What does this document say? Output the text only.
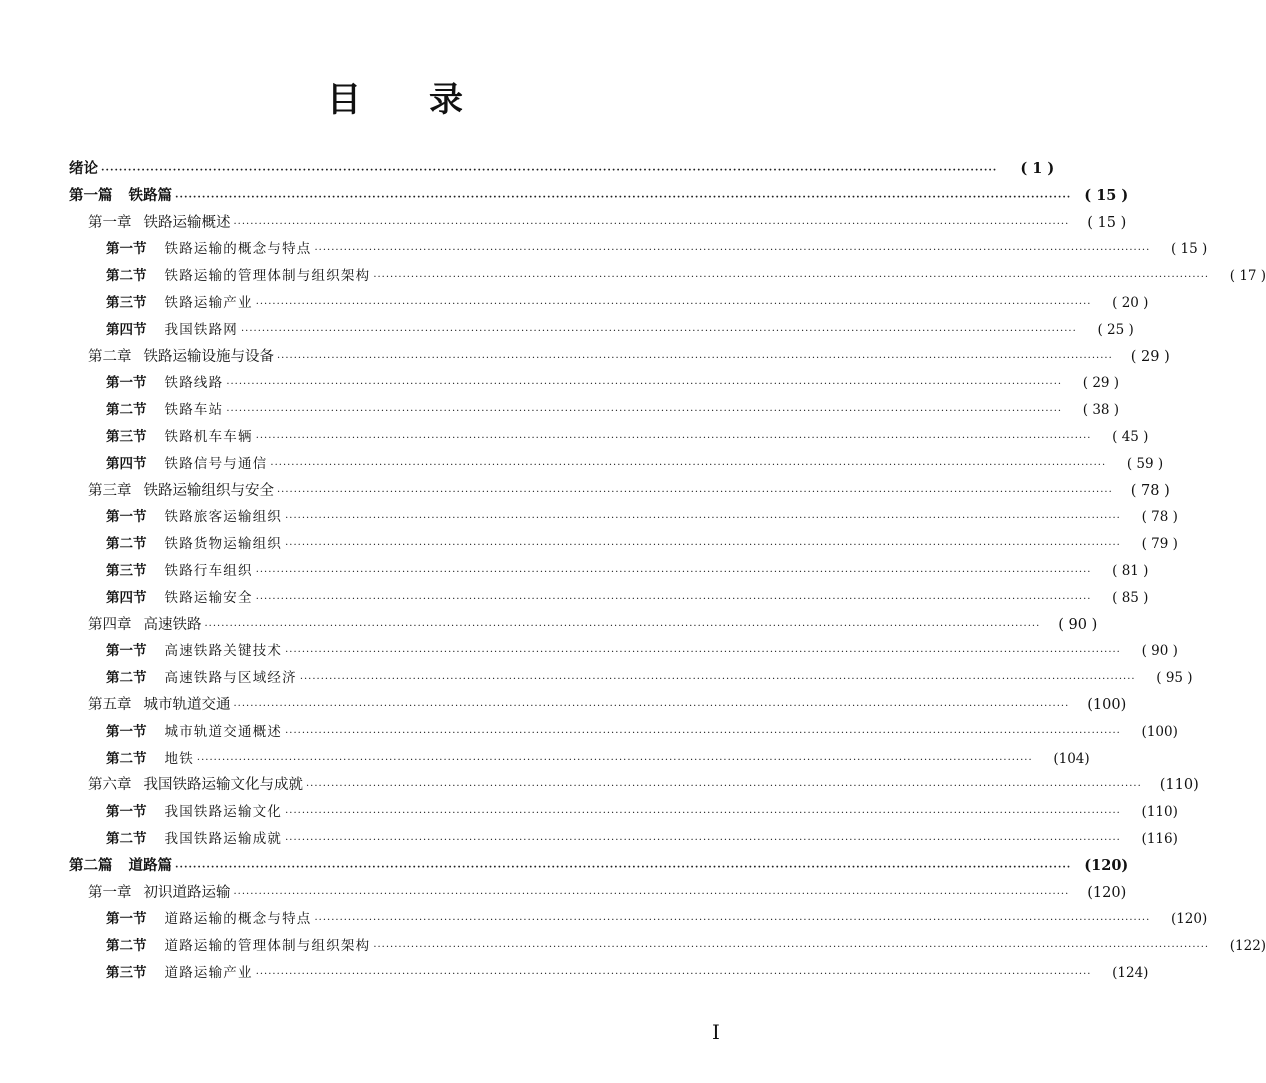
目 录
绪论 ········································································································································································································	( 1 )
第一篇 铁路篇 ········································································································································································································ ( 15 )
第一章 铁路运输概述 ········································································································································································································	( 15 )
第一节 铁路运输的概念与特点 ········································································································································································································	( 15 )
第二节 铁路运输的管理体制与组织架构 ········································································································································································································	( 17 )
第三节 铁路运输产业 ········································································································································································································	( 20 )
第四节 我国铁路网 ········································································································································································································	( 25 )
第二章 铁路运输设施与设备 ········································································································································································································	( 29 )
第一节 铁路线路 ········································································································································································································	( 29 )
第二节 铁路车站 ········································································································································································································	( 38 )
第三节 铁路机车车辆 ········································································································································································································	( 45 )
第四节 铁路信号与通信 ········································································································································································································	( 59 )
第三章 铁路运输组织与安全 ········································································································································································································	( 78 )
第一节 铁路旅客运输组织 ········································································································································································································	( 78 )
第二节 铁路货物运输组织 ········································································································································································································	( 79 )
第三节 铁路行车组织 ········································································································································································································	( 81 )
第四节 铁路运输安全 ········································································································································································································	( 85 )
第四章 高速铁路 ········································································································································································································	( 90 )
第一节 高速铁路关键技术 ········································································································································································································	( 90 )
第二节 高速铁路与区域经济 ········································································································································································································	( 95 )
第五章 城市轨道交通 ········································································································································································································	(100)
第一节 城市轨道交通概述 ········································································································································································································	(100)
第二节 地铁 ········································································································································································································	(104)
第六章 我国铁路运输文化与成就 ········································································································································································································	(110)
第一节 我国铁路运输文化 ········································································································································································································	(110)
第二节 我国铁路运输成就 ········································································································································································································	(116)
第二篇 道路篇 ········································································································································································································ (120)
第一章 初识道路运输 ········································································································································································································	(120)
第一节 道路运输的概念与特点 ········································································································································································································	(120)
第二节 道路运输的管理体制与组织架构 ········································································································································································································	(122)
第三节 道路运输产业 ········································································································································································································	(124)
I
